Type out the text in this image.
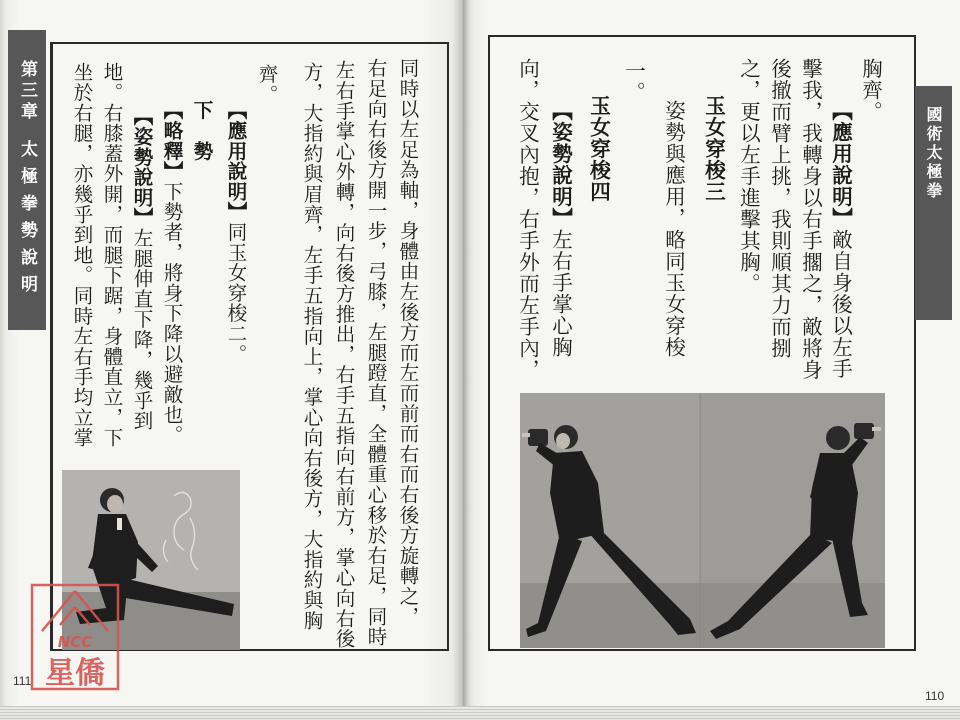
第三章
太極拳勢說明	國術太極拳
同時以左足為軸，身體由左後方而左而前而右而右後方旋轉之，
右足向右後方開一步，弓膝，左腿蹬直，全體重心移於右足，同時
左右手掌心外轉，向右後方推出，右手五指向右前方，掌心向右後
方，大指約與眉齊，左手五指向上，掌心向右後方，大指約與胸
齊。
【應用說明】同玉女穿梭二。
下　勢
【略釋】下勢者，將身下降以避敵也。
【姿勢說明】左腿伸直下降，幾乎到
地。右膝蓋外開，而腿下踞，身體直立，下
坐於右腿，亦幾乎到地。同時左右手均立掌	胸齊。
【應用說明】敵自身後以左手
擊我，我轉身以右手擱之，敵將身
後撤而臂上挑，我則順其力而捌
之，更以左手進擊其胸。
玉女穿梭三
姿勢與應用，略同玉女穿梭
一。
玉女穿梭四
【姿勢說明】左右手掌心胸
向，交叉內抱，右手外而左手內，
111
110
NCC
星僑
